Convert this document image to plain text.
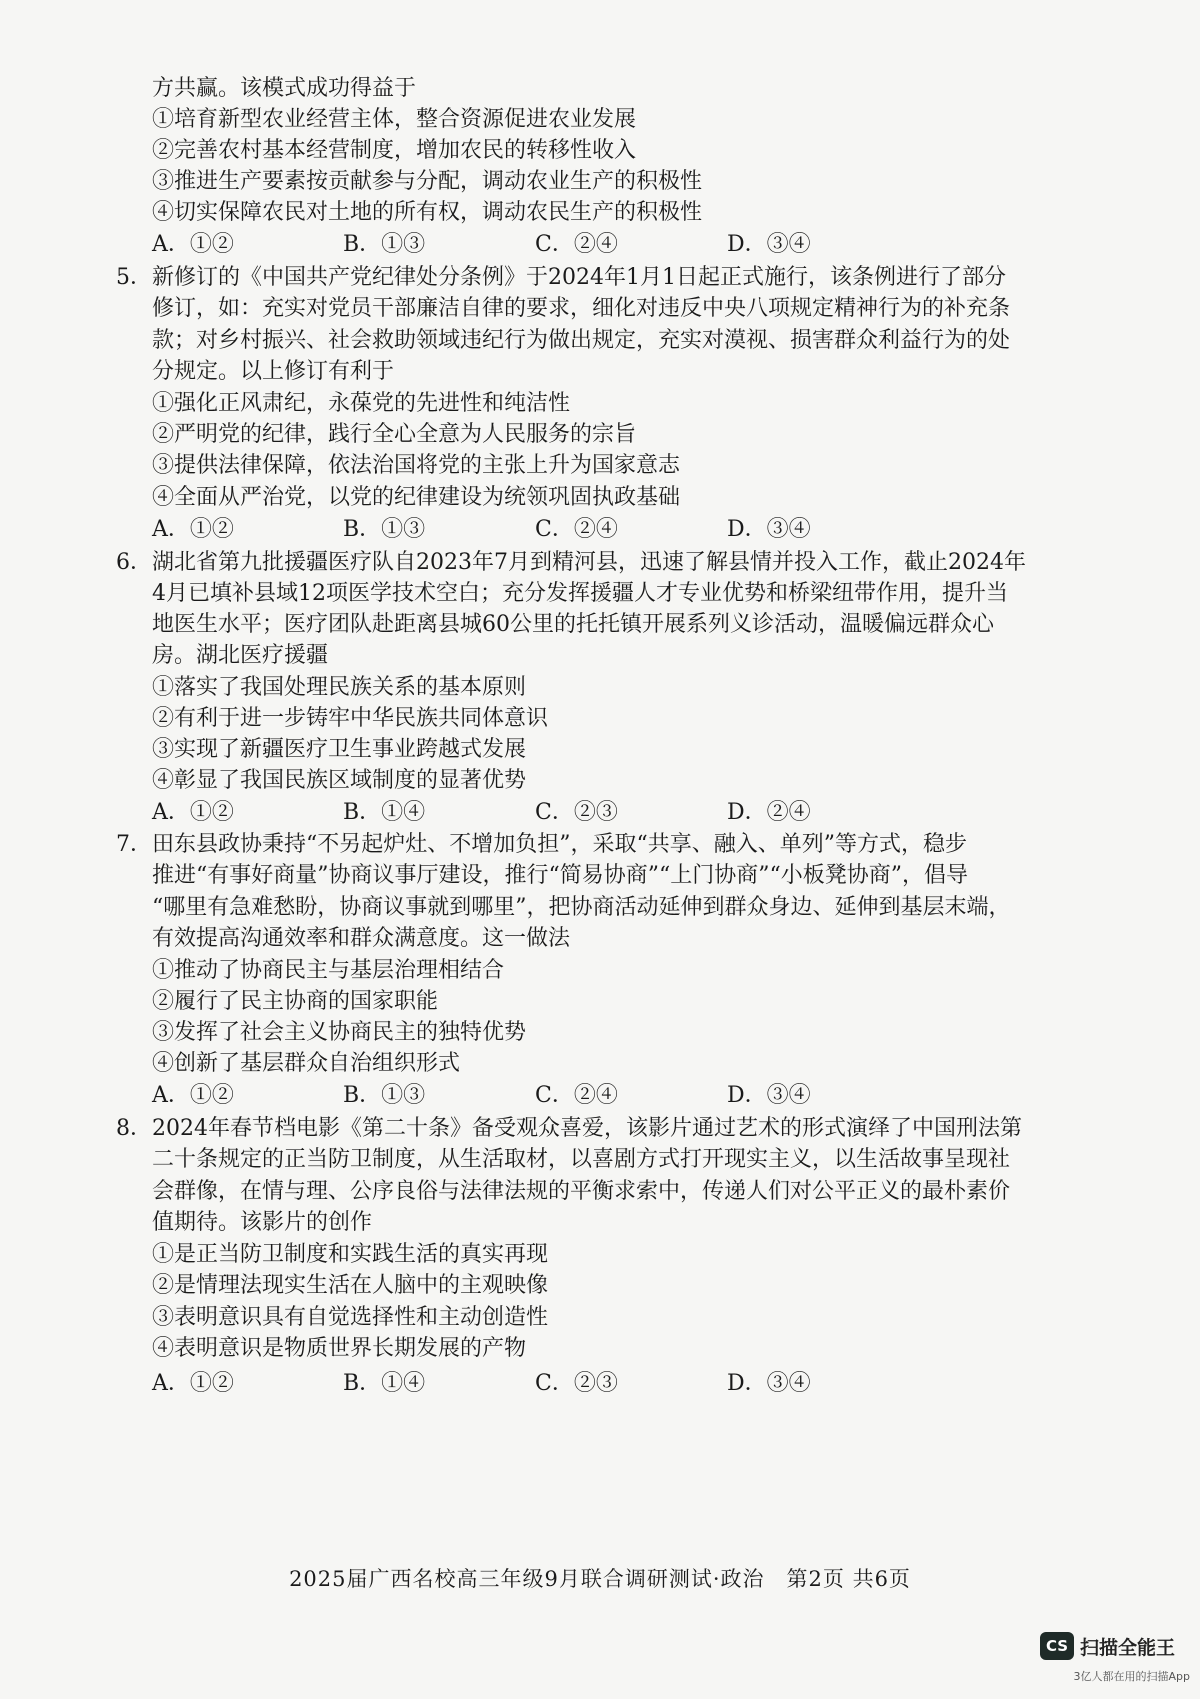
方共赢。该模式成功得益于
①培育新型农业经营主体，整合资源促进农业发展
②完善农村基本经营制度，增加农民的转移性收入
③推进生产要素按贡献参与分配，调动农业生产的积极性
④切实保障农民对土地的所有权，调动农民生产的积极性
A．①②	B．①③	C．②④	D．③④
5． 新修订的《中国共产党纪律处分条例》于2024年1月1日起正式施行，该条例进行了部分
修订，如：充实对党员干部廉洁自律的要求，细化对违反中央八项规定精神行为的补充条
款；对乡村振兴、社会救助领域违纪行为做出规定，充实对漠视、损害群众利益行为的处
分规定。以上修订有利于
①强化正风肃纪，永葆党的先进性和纯洁性
②严明党的纪律，践行全心全意为人民服务的宗旨
③提供法律保障，依法治国将党的主张上升为国家意志
④全面从严治党，以党的纪律建设为统领巩固执政基础
A．①②	B．①③	C．②④	D．③④
6． 湖北省第九批援疆医疗队自2023年7月到精河县，迅速了解县情并投入工作，截止2024年
4月已填补县域12项医学技术空白；充分发挥援疆人才专业优势和桥梁纽带作用，提升当
地医生水平；医疗团队赴距离县城60公里的托托镇开展系列义诊活动，温暖偏远群众心
房。湖北医疗援疆
①落实了我国处理民族关系的基本原则
②有利于进一步铸牢中华民族共同体意识
③实现了新疆医疗卫生事业跨越式发展
④彰显了我国民族区域制度的显著优势
A．①②	B．①④	C．②③	D．②④
7． 田东县政协秉持“不另起炉灶、不增加负担”，采取“共享、融入、单列”等方式，稳步
推进“有事好商量”协商议事厅建设，推行“简易协商”“上门协商”“小板凳协商”，倡导
“哪里有急难愁盼，协商议事就到哪里”，把协商活动延伸到群众身边、延伸到基层末端，
有效提高沟通效率和群众满意度。这一做法
①推动了协商民主与基层治理相结合
②履行了民主协商的国家职能
③发挥了社会主义协商民主的独特优势
④创新了基层群众自治组织形式
A．①②	B．①③	C．②④	D．③④
8． 2024年春节档电影《第二十条》备受观众喜爱，该影片通过艺术的形式演绎了中国刑法第
二十条规定的正当防卫制度，从生活取材，以喜剧方式打开现实主义，以生活故事呈现社
会群像，在情与理、公序良俗与法律法规的平衡求索中，传递人们对公平正义的最朴素价
值期待。该影片的创作
①是正当防卫制度和实践生活的真实再现
②是情理法现实生活在人脑中的主观映像
③表明意识具有自觉选择性和主动创造性
④表明意识是物质世界长期发展的产物
A．①②	B．①④	C．②③	D．③④
2025届广西名校高三年级9月联合调研测试·政治　第2页 共6页
CS 扫描全能王
3亿人都在用的扫描App
